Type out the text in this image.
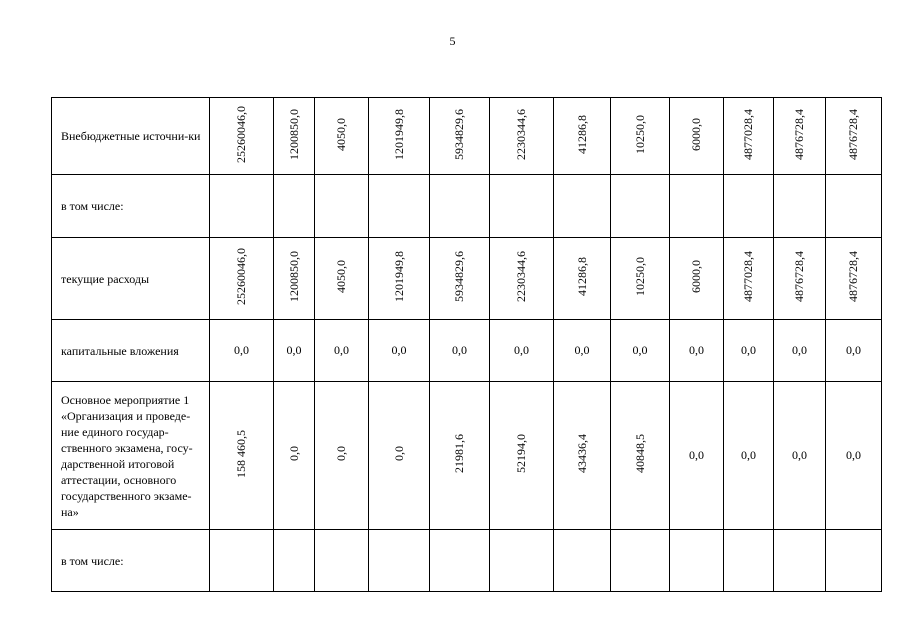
5
Внебюджетные источни-ки	25260046,0	1200850,0	4050,0	1201949,8	5934829,6	2230344,6	41286,8	10250,0	6000,0	4877028,4	4876728,4	4876728,4
в том числе:												
текущие расходы	25260046,0	1200850,0	4050,0	1201949,8	5934829,6	2230344,6	41286,8	10250,0	6000,0	4877028,4	4876728,4	4876728,4
капитальные вложения	0,0	0,0	0,0	0,0	0,0	0,0	0,0	0,0	0,0	0,0	0,0	0,0
Основное мероприятие 1 «Организация и проведе-ние единого государ-ственного экзамена, госу-дарственной итоговой аттестации, основного государственного экзаме-на»	158 460,5	0,0	0,0	0,0	21981,6	52194,0	43436,4	40848,5	0,0	0,0	0,0	0,0
в том числе:												
